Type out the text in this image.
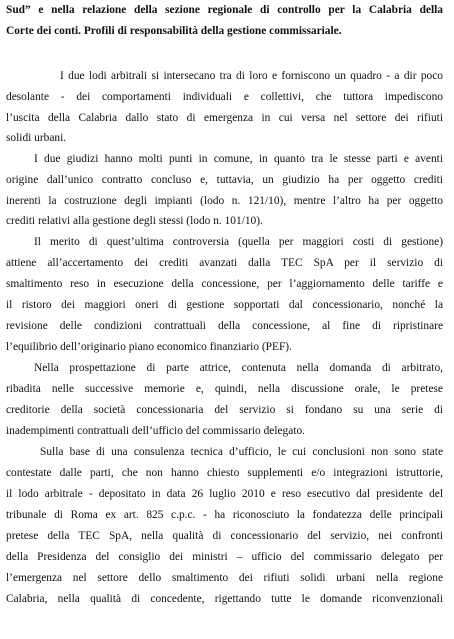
Sud” e nella relazione della sezione regionale di controllo per la Calabria della
Corte dei conti. Profili di responsabilità della gestione commissariale.
I due lodi arbitrali si intersecano tra di loro e forniscono un quadro - a dir poco
desolante - dei comportamenti individuali e collettivi, che tuttora impediscono
l’uscita della Calabria dallo stato di emergenza in cui versa nel settore dei rifiuti
solidi urbani.
I due giudizi hanno molti punti in comune, in quanto tra le stesse parti e aventi
origine dall’unico contratto concluso e, tuttavia, un giudizio ha per oggetto crediti
inerenti la costruzione degli impianti (lodo n. 121/10), mentre l’altro ha per oggetto
crediti relativi alla gestione degli stessi (lodo n. 101/10).
Il merito di quest’ultima controversia (quella per maggiori costi di gestione)
attiene all’accertamento dei crediti avanzati dalla TEC SpA per il servizio di
smaltimento reso in esecuzione della concessione, per l’aggiornamento delle tariffe e
il ristoro dei maggiori oneri di gestione sopportati dal concessionario, nonché la
revisione delle condizioni contrattuali della concessione, al fine di ripristinare
l’equilibrio dell’originario piano economico finanziario (PEF).
Nella prospettazione di parte attrice, contenuta nella domanda di arbitrato,
ribadita nelle successive memorie e, quindi, nella discussione orale, le pretese
creditorie della società concessionaria del servizio si fondano su una serie di
inadempimenti contrattuali dell’ufficio del commissario delegato.
Sulla base di una consulenza tecnica d’ufficio, le cui conclusioni non sono state
contestate dalle parti, che non hanno chiesto supplementi e/o integrazioni istruttorie,
il lodo arbitrale - depositato in data 26 luglio 2010 e reso esecutivo dal presidente del
tribunale di Roma ex art. 825 c.p.c. - ha riconosciuto la fondatezza delle principali
pretese della TEC SpA, nella qualità di concessionario del servizio, nei confronti
della Presidenza del consiglio dei ministri – ufficio del commissario delegato per
l’emergenza nel settore dello smaltimento dei rifiuti solidi urbani nella regione
Calabria, nella qualità di concedente, rigettando tutte le domande riconvenzionali
